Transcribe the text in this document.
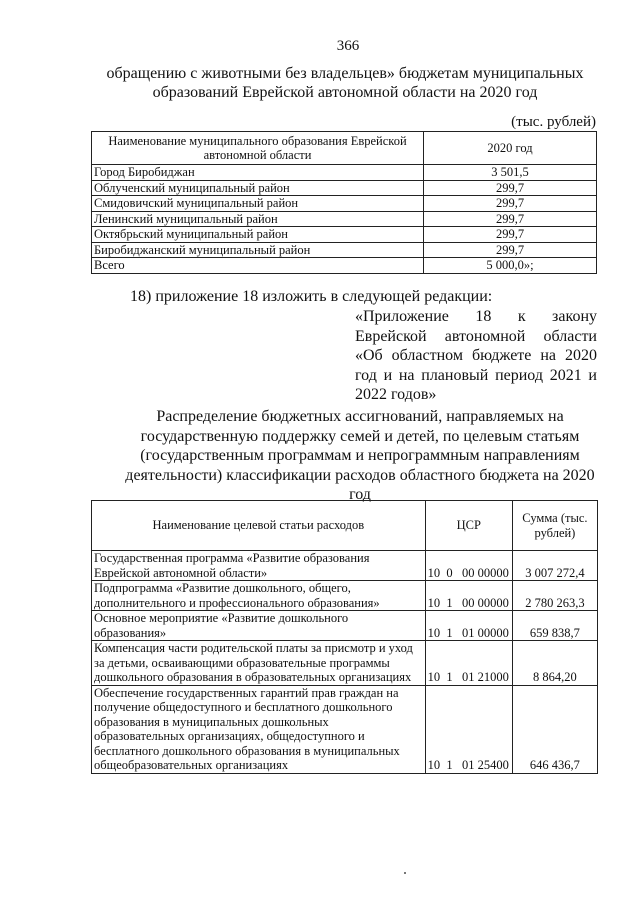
366
обращению с животными без владельцев» бюджетам муниципальных
образований Еврейской автономной области на 2020 год
(тыс. рублей)
Наименование муниципального образования Еврейской автономной области	2020 год
Город Биробиджан	3 501,5
Облученский муниципальный район	299,7
Смидовичский муниципальный район	299,7
Ленинский муниципальный район	299,7
Октябрьский муниципальный район	299,7
Биробиджанский муниципальный район	299,7
Всего	5 000,0»;
18) приложение 18 изложить в следующей редакции:
«Приложение 18 к закону Еврейской автономной области «Об областном бюджете на 2020 год и на плановый период 2021 и 2022 годов»
Распределение бюджетных ассигнований, направляемых на государственную поддержку семей и детей, по целевым статьям (государственным программам и непрограммным направлениям деятельности) классификации расходов областного бюджета на 2020 год
Наименование целевой статьи расходов	ЦСР	Сумма (тыс. рублей)
Государственная программа «Развитие образования Еврейской автономной области»	10  0   00 00000	3 007 272,4
Подпрограмма «Развитие дошкольного, общего, дополнительного и профессионального образования»	10  1   00 00000	2 780 263,3
Основное мероприятие «Развитие дошкольного образования»	10  1   01 00000	659 838,7
Компенсация части родительской платы за присмотр и уход за детьми, осваивающими образовательные программы дошкольного образования в образовательных организациях	10  1   01 21000	8 864,20
Обеспечение государственных гарантий прав граждан на получение общедоступного и бесплатного дошкольного образования в муниципальных дошкольных образовательных организациях, общедоступного и бесплатного дошкольного образования в муниципальных общеобразовательных организациях	10  1   01 25400	646 436,7
